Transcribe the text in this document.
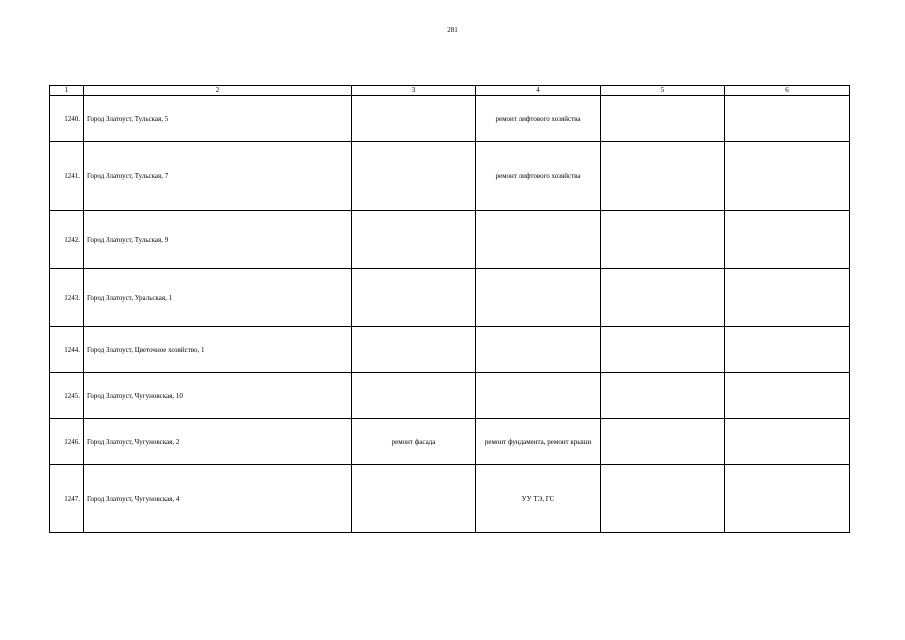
281
1	2	3	4	5	6
1240.	Город Златоуст, Тульская, 5		ремонт лифтового хозяйства		
1241.	Город Златоуст, Тульская, 7		ремонт лифтового хозяйства		
1242.	Город Златоуст, Тульская, 9				
1243.	Город Златоуст, Уральская, 1				
1244.	Город Златоуст, Цветочное хозяйство, 1				
1245.	Город Златоуст, Чугуновская, 10				
1246.	Город Златоуст, Чугуновская, 2	ремонт фасада	ремонт фундамента, ремонт крыши		
1247.	Город Златоуст, Чугуновская, 4		УУ ТЭ, ГС		
